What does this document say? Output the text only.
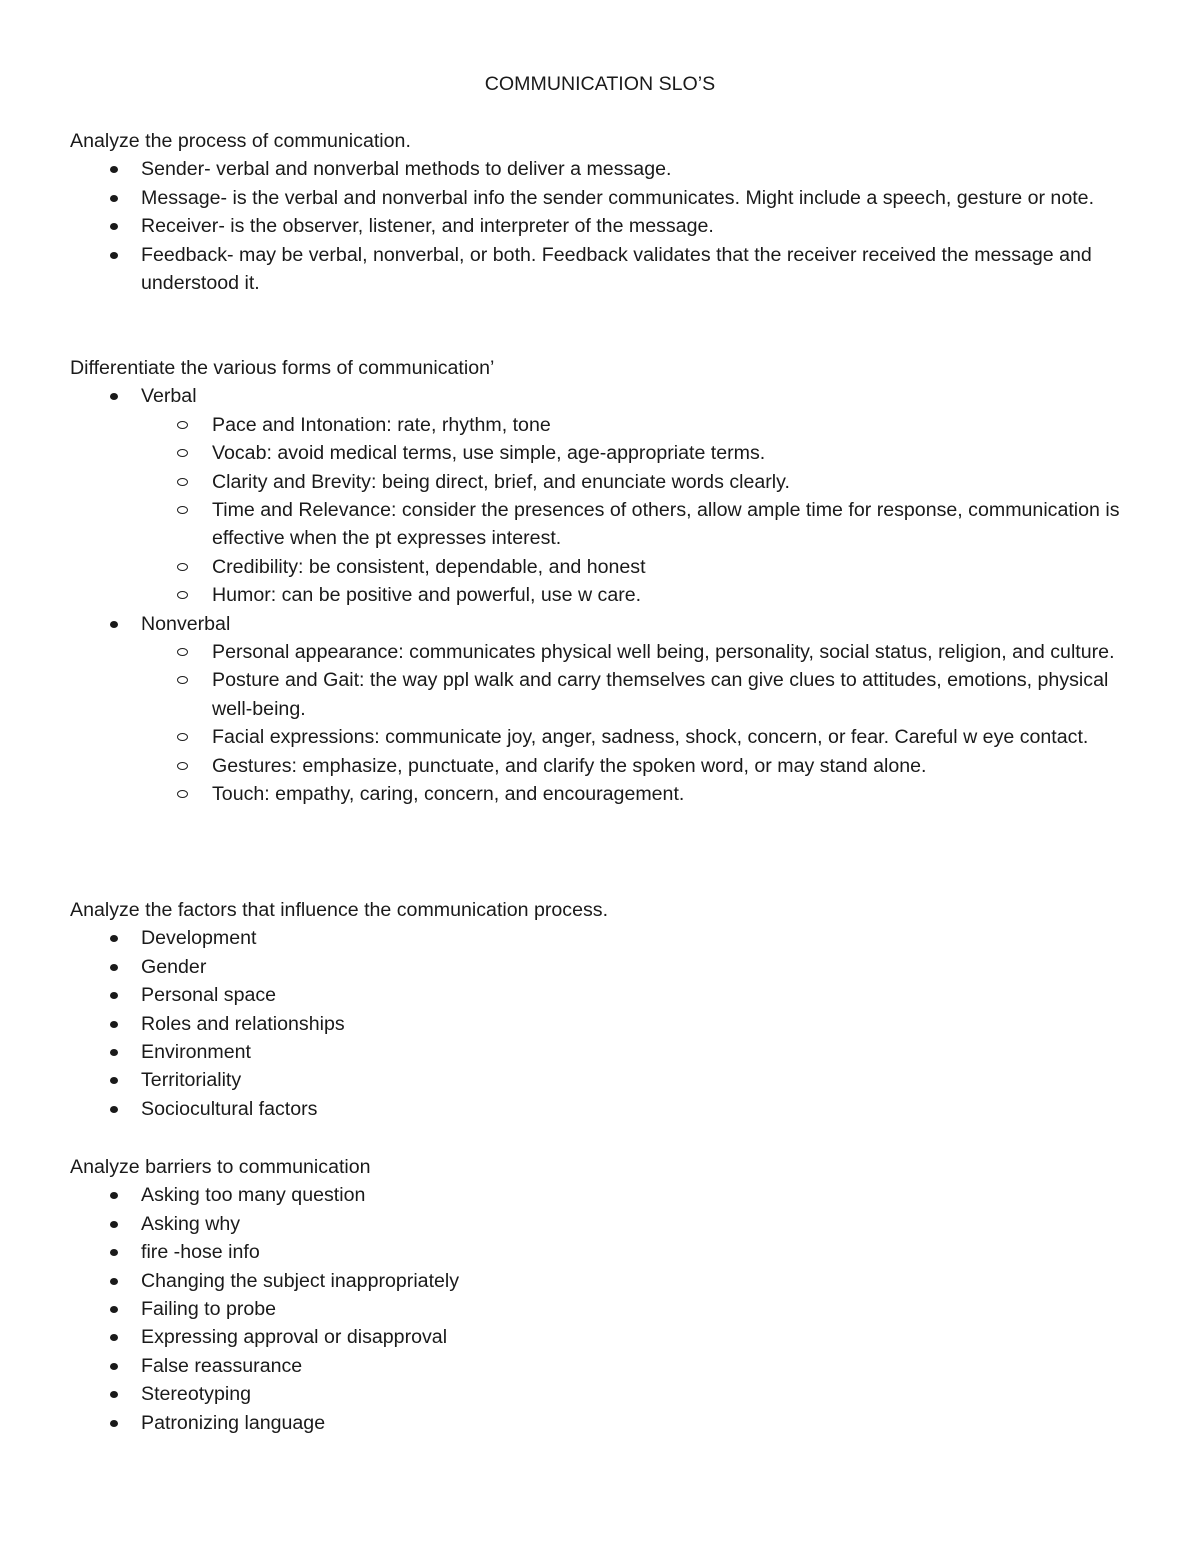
COMMUNICATION SLO’S

Analyze the process of communication.

Sender- verbal and nonverbal methods to deliver a message.
Message- is the verbal and nonverbal info the sender communicates. Might include a speech, gesture or note.
Receiver- is the observer, listener, and interpreter of the message.
Feedback- may be verbal, nonverbal, or both. Feedback validates that the receiver received the message and understood it.

Differentiate the various forms of communication’

Verbal
Pace and Intonation: rate, rhythm, tone
Vocab: avoid medical terms, use simple, age-appropriate terms.
Clarity and Brevity: being direct, brief, and enunciate words clearly.
Time and Relevance: consider the presences of others, allow ample time for response, communication is effective when the pt expresses interest.
Credibility: be consistent, dependable, and honest
Humor: can be positive and powerful, use w care.
Nonverbal
Personal appearance: communicates physical well being, personality, social status, religion, and culture.
Posture and Gait: the way ppl walk and carry themselves can give clues to attitudes, emotions, physical well-being.
Facial expressions: communicate joy, anger, sadness, shock, concern, or fear. Careful w eye contact.
Gestures: emphasize, punctuate, and clarify the spoken word, or may stand alone.
Touch: empathy, caring, concern, and encouragement.

Analyze the factors that influence the communication process.

Development
Gender
Personal space
Roles and relationships
Environment
Territoriality
Sociocultural factors

Analyze barriers to communication

Asking too many question
Asking why
fire -hose info
Changing the subject inappropriately
Failing to probe
Expressing approval or disapproval
False reassurance
Stereotyping
Patronizing language
